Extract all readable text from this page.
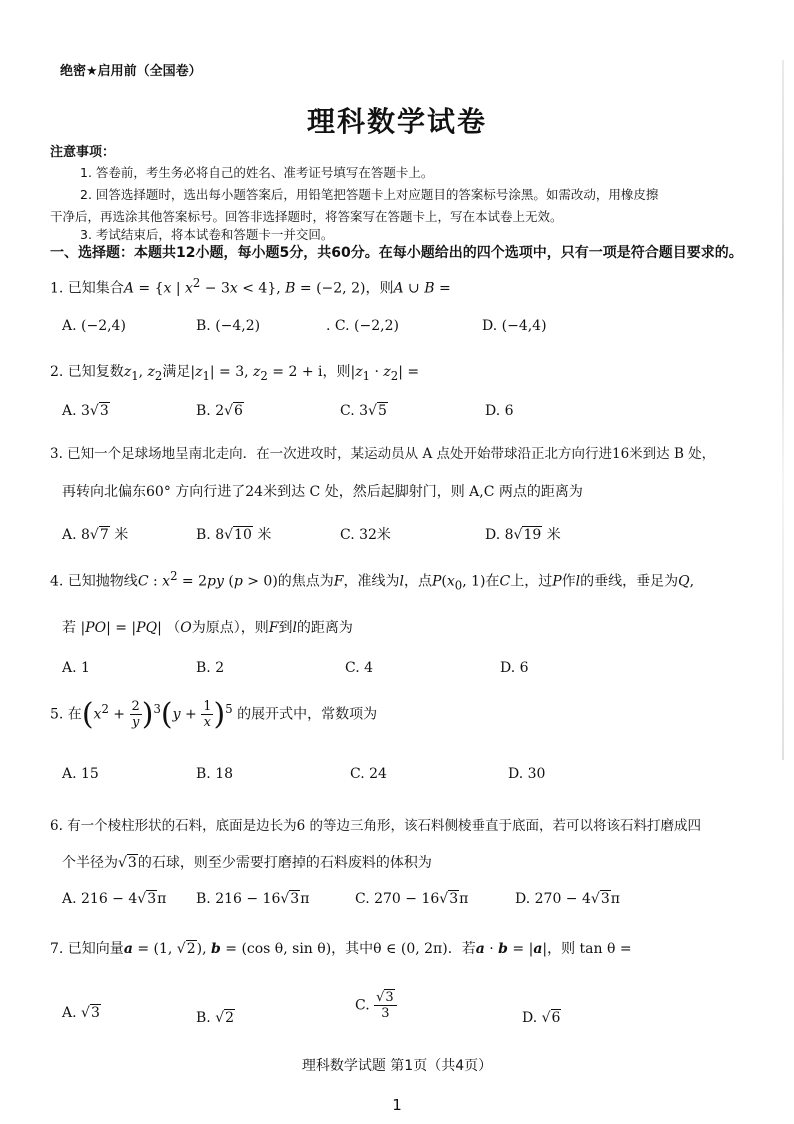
绝密★启用前（全国卷）
理科数学试卷
注意事项：
1. 答卷前，考生务必将自己的姓名、准考证号填写在答题卡上。
2. 回答选择题时，选出每小题答案后，用铅笔把答题卡上对应题目的答案标号涂黑。如需改动，用橡皮擦
干净后，再选涂其他答案标号。回答非选择题时，将答案写在答题卡上，写在本试卷上无效。
3. 考试结束后，将本试卷和答题卡一并交回。
一、选择题：本题共12小题，每小题5分，共60分。在每小题给出的四个选项中，只有一项是符合题目要求的。
1. 已知集合A = {x | $x^2 - 3x < 4$}, B = (−2, 2)，则A ∪ B =
A. (−2,4)	B. (−4,2)	. C. (−2,2)	D. (−4,4)
2. 已知复数$z_1$, $z_2$满足$|z_1| = 3$, $z_2 = 2 + i$，则$|z_1 \cdot z_2|$ =
A. 3√3	B. 2√6	C. 3√5	D. 6
3. 已知一个足球场地呈南北走向．在一次进攻时，某运动员从 A 点处开始带球沿正北方向行进16米到达 B 处，
再转向北偏东60° 方向行进了24米到达 C 处，然后起脚射门，则 A,C 两点的距离为
A. 8√7 米	B. 8√10 米	C. 32米	D. 8√19 米
4. 已知抛物线C : $x^2 = 2py$ (p > 0)的焦点为F，准线为l，点$P(x_0$, 1)在C上，过P作l的垂线，垂足为Q,
若 |PO| = |PQ| （O为原点），则F到l的距离为
A. 1	B. 2	C. 4	D. 6
5. 在$(x^2 + \frac{2}{y} )^3(y + \frac{1}{x} )^5$ 的展开式中，常数项为
A. 15	B. 18	C. 24	D. 30
6. 有一个棱柱形状的石料，底面是边长为6 的等边三角形，该石料侧棱垂直于底面，若可以将该石料打磨成四
个半径为√3的石球，则至少需要打磨掉的石料废料的体积为
A. 216 − 4√3π B. 216 − 16√3π	C. 270 − 16√3π	D. 270 − 4√3π
7. 已知向量a = (1, √2), b = (cos θ, sin θ)，其中θ ∈ (0, 2π)．若a · b = |a|，则 tan θ =
A. √3	B. √2
C. $\frac{√3}{3}$	D. √6
理科数学试题 第1页（共4页）
1
